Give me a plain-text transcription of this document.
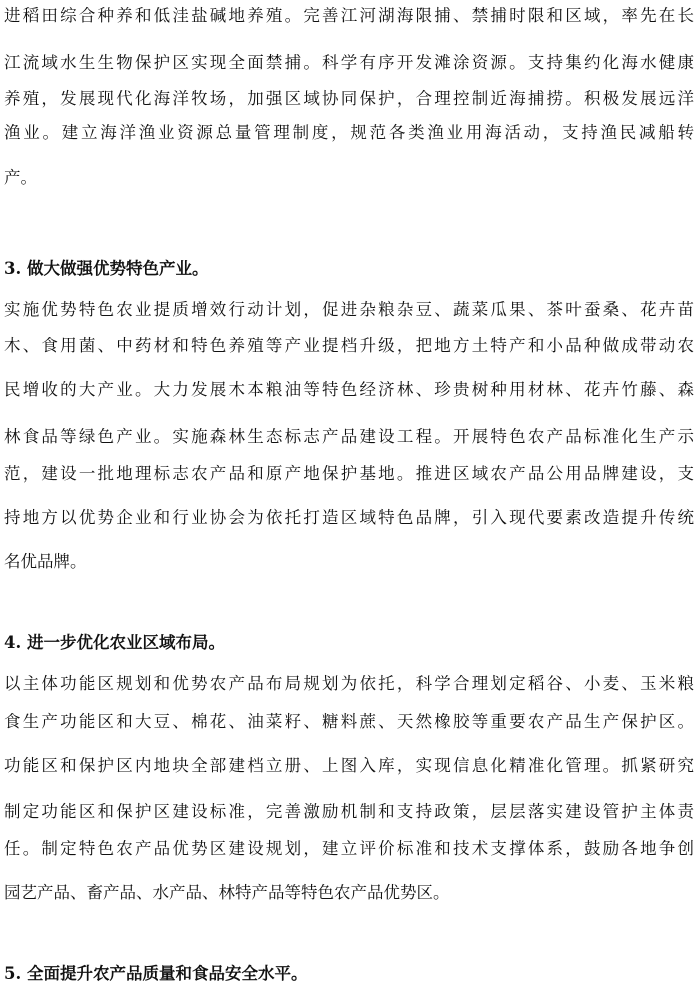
进稻田综合种养和低洼盐碱地养殖。完善江河湖海限捕、禁捕时限和区域，率先在长
江流域水生生物保护区实现全面禁捕。科学有序开发滩涂资源。支持集约化海水健康
养殖，发展现代化海洋牧场，加强区域协同保护，合理控制近海捕捞。积极发展远洋
渔业。建立海洋渔业资源总量管理制度，规范各类渔业用海活动，支持渔民减船转
产。
3. 做大做强优势特色产业。
实施优势特色农业提质增效行动计划，促进杂粮杂豆、蔬菜瓜果、茶叶蚕桑、花卉苗
木、食用菌、中药材和特色养殖等产业提档升级，把地方土特产和小品种做成带动农
民增收的大产业。大力发展木本粮油等特色经济林、珍贵树种用材林、花卉竹藤、森
林食品等绿色产业。实施森林生态标志产品建设工程。开展特色农产品标准化生产示
范，建设一批地理标志农产品和原产地保护基地。推进区域农产品公用品牌建设，支
持地方以优势企业和行业协会为依托打造区域特色品牌，引入现代要素改造提升传统
名优品牌。
4. 进一步优化农业区域布局。
以主体功能区规划和优势农产品布局规划为依托，科学合理划定稻谷、小麦、玉米粮
食生产功能区和大豆、棉花、油菜籽、糖料蔗、天然橡胶等重要农产品生产保护区。
功能区和保护区内地块全部建档立册、上图入库，实现信息化精准化管理。抓紧研究
制定功能区和保护区建设标准，完善激励机制和支持政策，层层落实建设管护主体责
任。制定特色农产品优势区建设规划，建立评价标准和技术支撑体系，鼓励各地争创
园艺产品、畜产品、水产品、林特产品等特色农产品优势区。
5. 全面提升农产品质量和食品安全水平。
